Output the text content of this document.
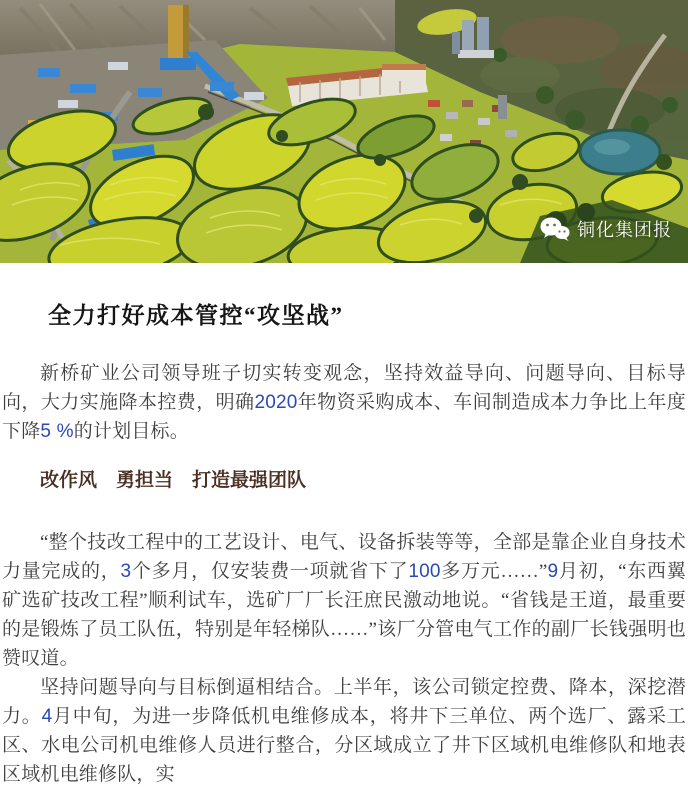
铜化集团报
全力打好成本管控“攻坚战”

新桥矿业公司领导班子切实转变观念，坚持效益导向、问题导向、目标导向，大力实施降本控费，明确2020年物资采购成本、车间制造成本力争比上年度下降5 %的计划目标。

改作风　勇担当　打造最强团队

“整个技改工程中的工艺设计、电气、设备拆装等等，全部是靠企业自身技术力量完成的，3个多月，仅安装费一项就省下了100多万元……”9月初，“东西翼矿选矿技改工程”顺利试车，选矿厂厂长汪庶民激动地说。“省钱是王道，最重要的是锻炼了员工队伍，特别是年轻梯队……”该厂分管电气工作的副厂长钱强明也赞叹道。

坚持问题导向与目标倒逼相结合。上半年，该公司锁定控费、降本，深挖潜力。4月中旬，为进一步降低机电维修成本，将井下三单位、两个选厂、露采工区、水电公司机电维修人员进行整合，分区域成立了井下区域机电维修队和地表区域机电维修队，实
